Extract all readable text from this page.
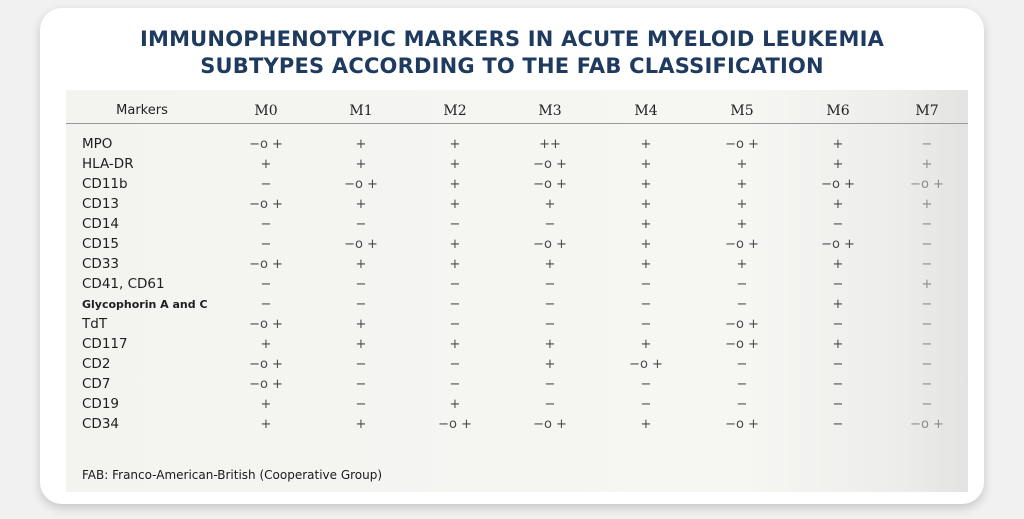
IMMUNOPHENOTYPIC MARKERS IN ACUTE MYELOID LEUKEMIA
SUBTYPES ACCORDING TO THE FAB CLASSIFICATION
Markers	M0	M1	M2	M3	M4	M5	M6	M7

MPO	−o +	+	+	++	+	−o +	+	−
HLA-DR	+	+	+	−o +	+	+	+	+
CD11b	−	−o +	+	−o +	+	+	−o +	−o +
CD13	−o +	+	+	+	+	+	+	+
CD14	−	−	−	−	+	+	−	−
CD15	−	−o +	+	−o +	+	−o +	−o +	−
CD33	−o +	+	+	+	+	+	+	−
CD41, CD61	−	−	−	−	−	−	−	+
Glycophorin A and C	−	−	−	−	−	−	+	−
TdT	−o +	+	−	−	−	−o +	−	−
CD117	+	+	+	+	+	−o +	+	−
CD2	−o +	−	−	+	−o +	−	−	−
CD7	−o +	−	−	−	−	−	−	−
CD19	+	−	+	−	−	−	−	−
CD34	+	+	−o +	−o +	+	−o +	−	−o +
FAB: Franco-American-British (Cooperative Group)
